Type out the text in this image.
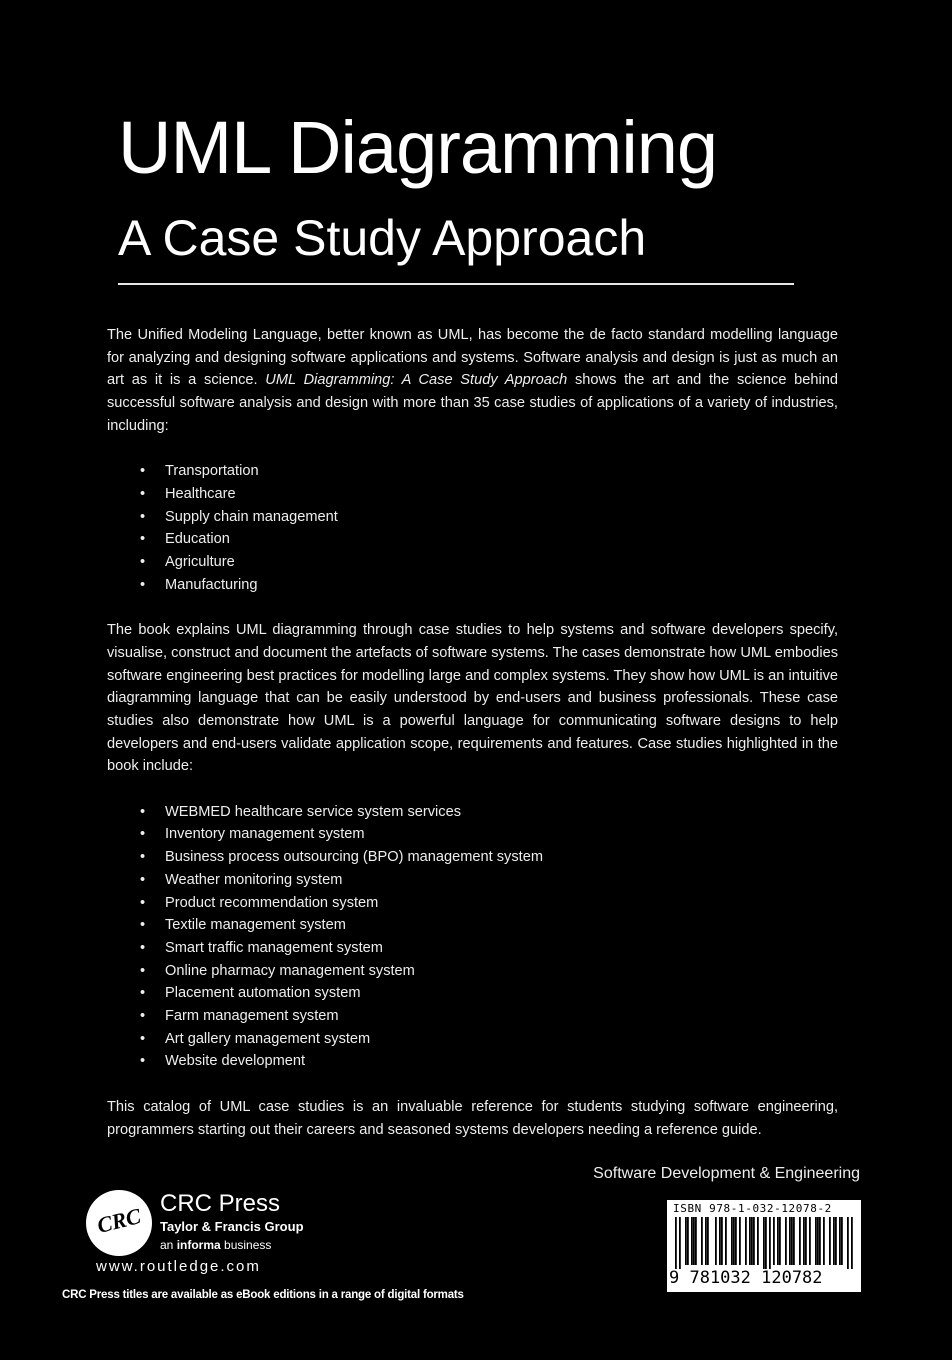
UML Diagramming
A Case Study Approach

The Unified Modeling Language, better known as UML, has become the de facto standard modelling language for analyzing and designing software applications and systems. Software analysis and design is just as much an art as it is a science. UML Diagramming: A Case Study Approach shows the art and the science behind successful software analysis and design with more than 35 case studies of applications of a variety of industries, including:

• Transportation
• Healthcare
• Supply chain management
• Education
• Agriculture
• Manufacturing

The book explains UML diagramming through case studies to help systems and software developers specify, visualise, construct and document the artefacts of software systems. The cases demonstrate how UML embodies software engineering best practices for modelling large and complex systems. They show how UML is an intuitive diagramming language that can be easily understood by end-users and business professionals. These case studies also demonstrate how UML is a powerful language for communicating software designs to help developers and end-users validate application scope, requirements and features. Case studies highlighted in the book include:

• WEBMED healthcare service system services
• Inventory management system
• Business process outsourcing (BPO) management system
• Weather monitoring system
• Product recommendation system
• Textile management system
• Smart traffic management system
• Online pharmacy management system
• Placement automation system
• Farm management system
• Art gallery management system
• Website development

This catalog of UML case studies is an invaluable reference for students studying software engineering, programmers starting out their careers and seasoned systems developers needing a reference guide.

Software Development & Engineering
ISBN 978-1-032-12078-2
9 781032 120782
CRC CRC Press
Taylor & Francis Group
an informa business
www.routledge.com
CRC Press titles are available as eBook editions in a range of digital formats
